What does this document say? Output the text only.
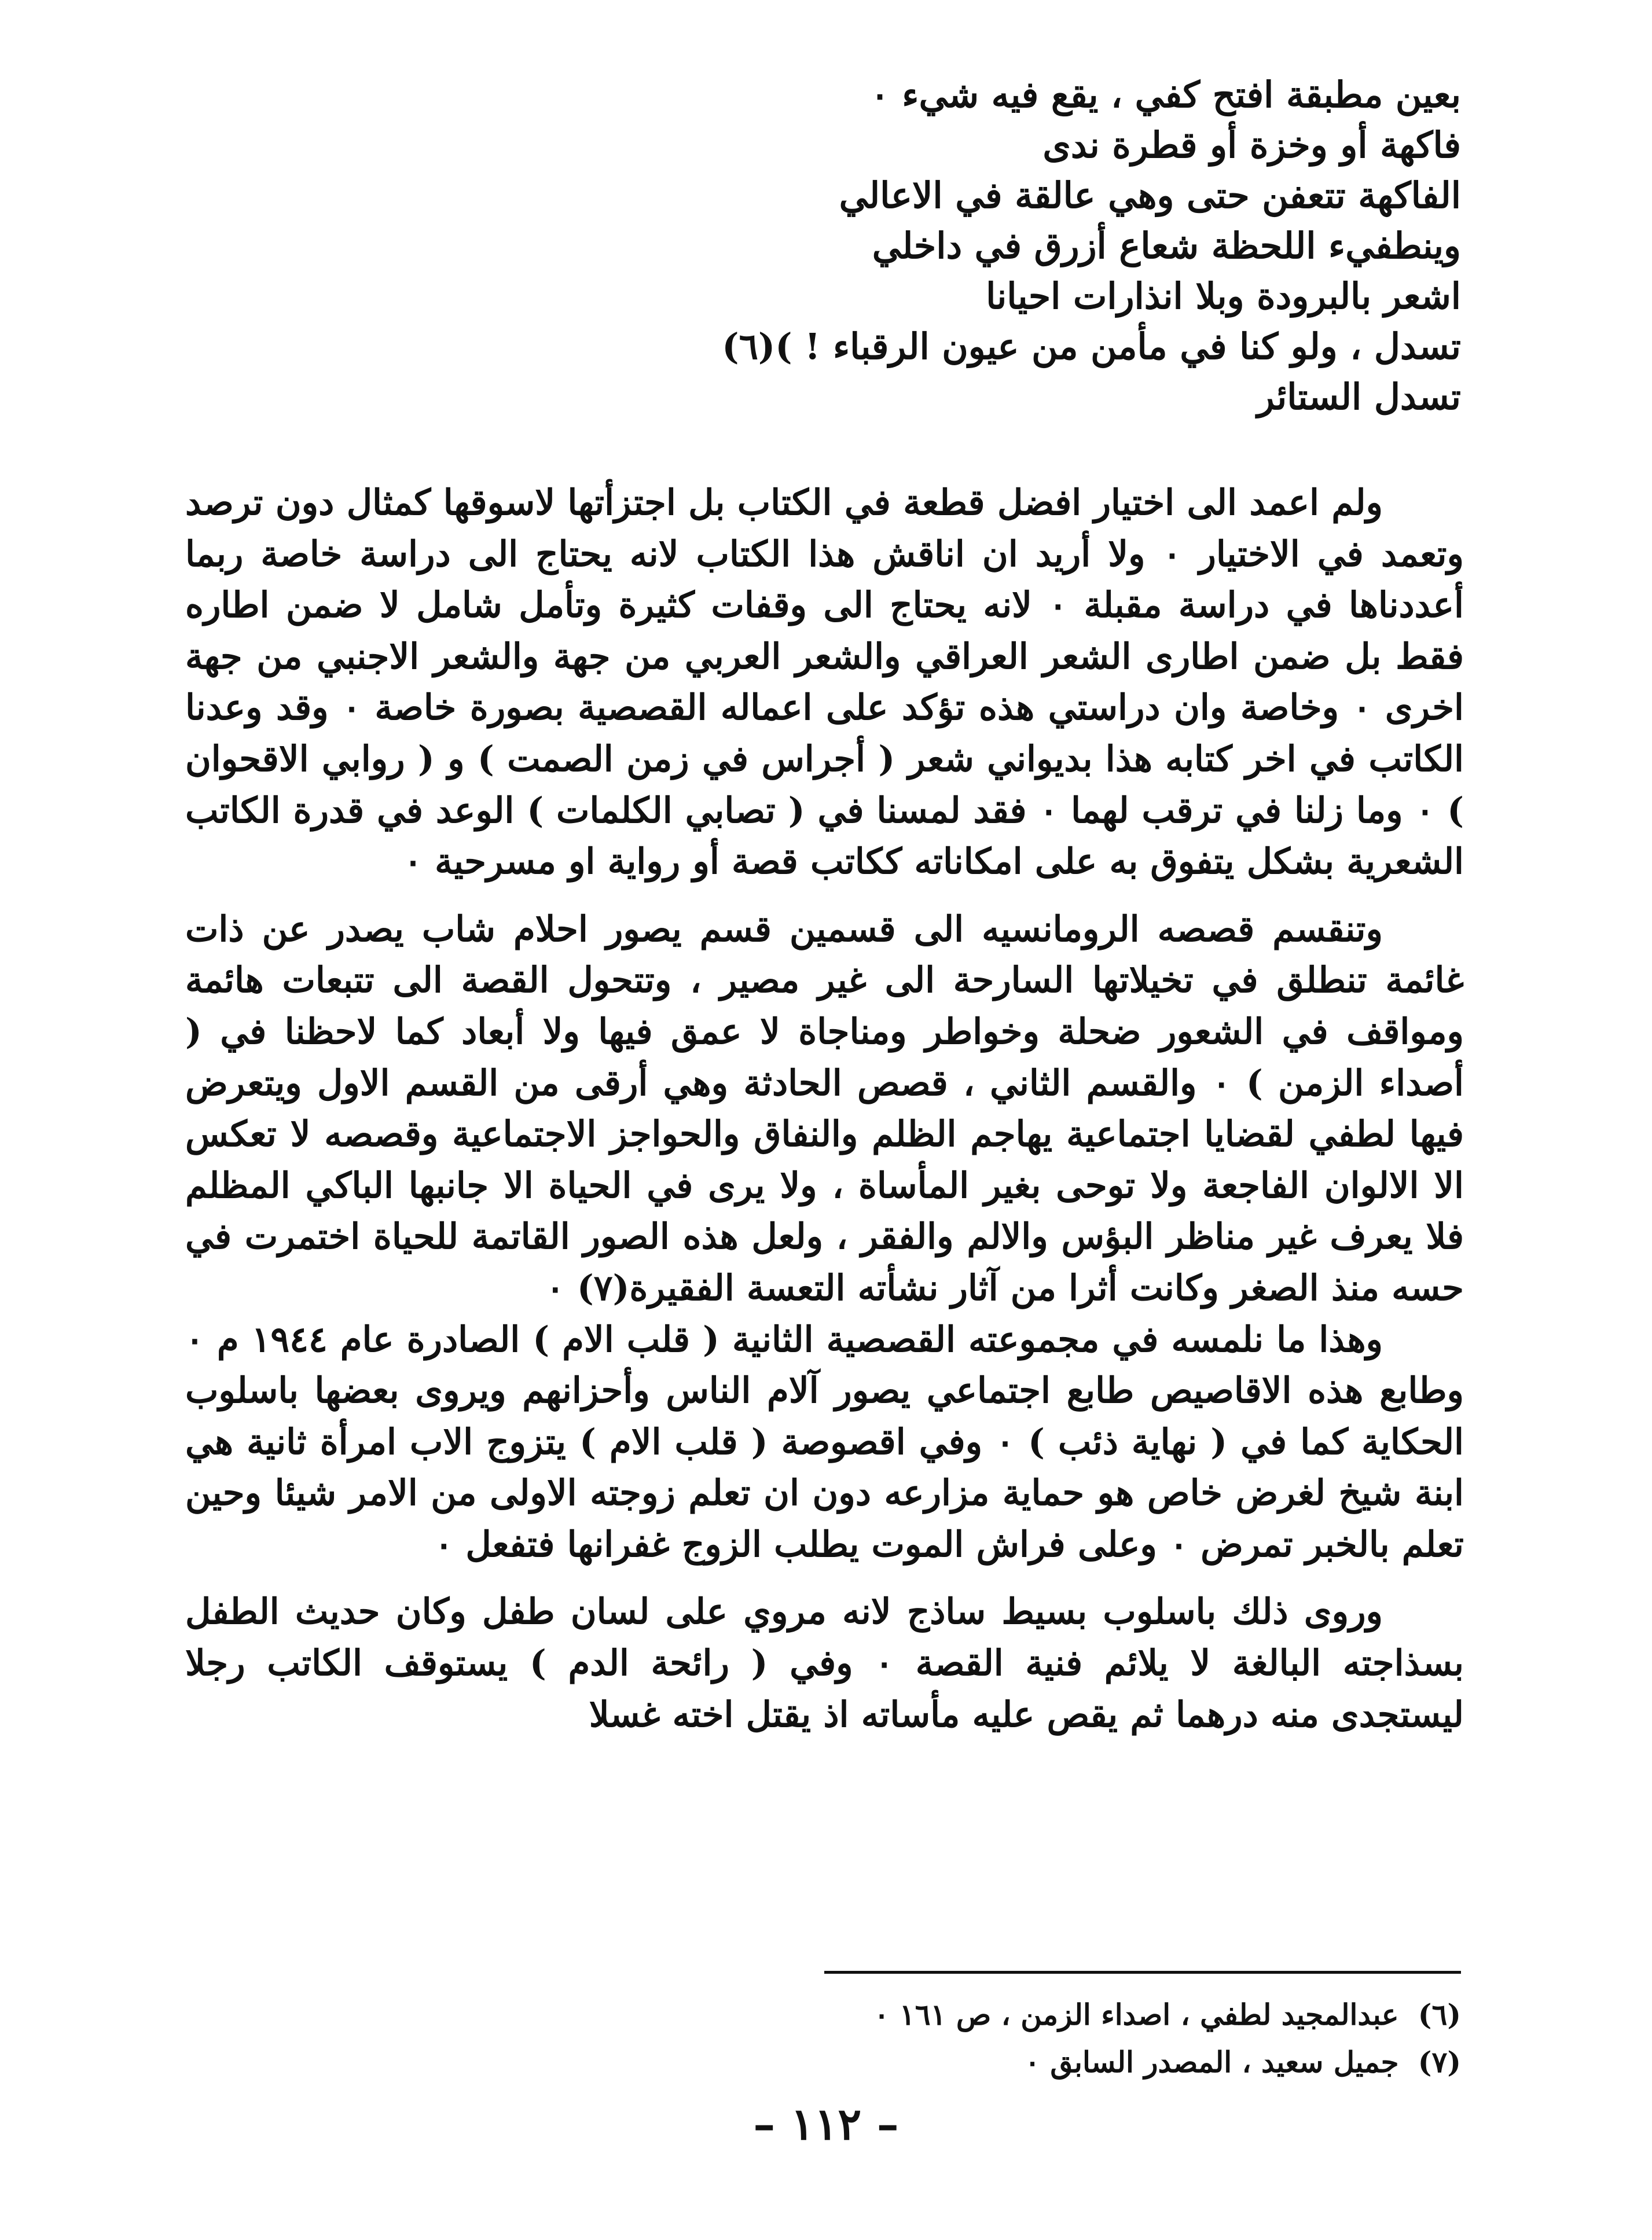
بعين مطبقة افتح كفي ، يقع فيه شيء ٠
فاكهة أو وخزة أو قطرة ندى
الفاكهة تتعفن حتى وهي عالقة في الاعالي
وينطفيء اللحظة شعاع أزرق في داخلي
اشعر بالبرودة وبلا انذارات احيانا
تسدل ، ولو كنا في مأمن من عيون الرقباء ! )(٦)
تسدل الستائر

ولم اعمد الى اختيار افضل قطعة في الكتاب بل اجتزأتها لاسوقها كمثال دون ترصد وتعمد في الاختيار ٠ ولا أريد ان اناقش هذا الكتاب لانه يحتاج الى دراسة خاصة ربما أعددناها في دراسة مقبلة ٠ لانه يحتاج الى وقفات كثيرة وتأمل شامل لا ضمن اطاره فقط بل ضمن اطارى الشعر العراقي والشعر العربي من جهة والشعر الاجنبي من جهة اخرى ٠ وخاصة وان دراستي هذه تؤكد على اعماله القصصية بصورة خاصة ٠ وقد وعدنا الكاتب في اخر كتابه هذا بديواني شعر ( أجراس في زمن الصمت ) و ( روابي الاقحوان ) ٠ وما زلنا في ترقب لهما ٠ فقد لمسنا في ( تصابي الكلمات ) الوعد في قدرة الكاتب الشعرية بشكل يتفوق به على امكاناته ككاتب قصة أو رواية او مسرحية ٠

وتنقسم قصصه الرومانسيه الى قسمين قسم يصور احلام شاب يصدر عن ذات غائمة تنطلق في تخيلاتها السارحة الى غير مصير ، وتتحول القصة الى تتبعات هائمة ومواقف في الشعور ضحلة وخواطر ومناجاة لا عمق فيها ولا أبعاد كما لاحظنا في ( أصداء الزمن ) ٠ والقسم الثاني ، قصص الحادثة وهي أرقى من القسم الاول ويتعرض فيها لطفي لقضايا اجتماعية يهاجم الظلم والنفاق والحواجز الاجتماعية وقصصه لا تعكس الا الالوان الفاجعة ولا توحى بغير المأساة ، ولا يرى في الحياة الا جانبها الباكي المظلم فلا يعرف غير مناظر البؤس والالم والفقر ، ولعل هذه الصور القاتمة للحياة اختمرت في حسه منذ الصغر وكانت أثرا من آثار نشأته التعسة الفقيرة(٧) ٠

وهذا ما نلمسه في مجموعته القصصية الثانية ( قلب الام ) الصادرة عام ١٩٤٤ م ٠ وطابع هذه الاقاصيص طابع اجتماعي يصور آلام الناس وأحزانهم ويروى بعضها باسلوب الحكاية كما في ( نهاية ذئب ) ٠ وفي اقصوصة ( قلب الام ) يتزوج الاب امرأة ثانية هي ابنة شيخ لغرض خاص هو حماية مزارعه دون ان تعلم زوجته الاولى من الامر شيئا وحين تعلم بالخبر تمرض ٠ وعلى فراش الموت يطلب الزوج غفرانها فتفعل ٠

وروى ذلك باسلوب بسيط ساذج لانه مروي على لسان طفل وكان حديث الطفل بسذاجته البالغة لا يلائم فنية القصة ٠ وفي ( رائحة الدم ) يستوقف الكاتب رجلا ليستجدى منه درهما ثم يقص عليه مأساته اذ يقتل اخته غسلا

(٦) عبدالمجيد لطفي ، اصداء الزمن ، ص ١٦١ ٠
(٧) جميل سعيد ، المصدر السابق ٠
– ١١٢ –
